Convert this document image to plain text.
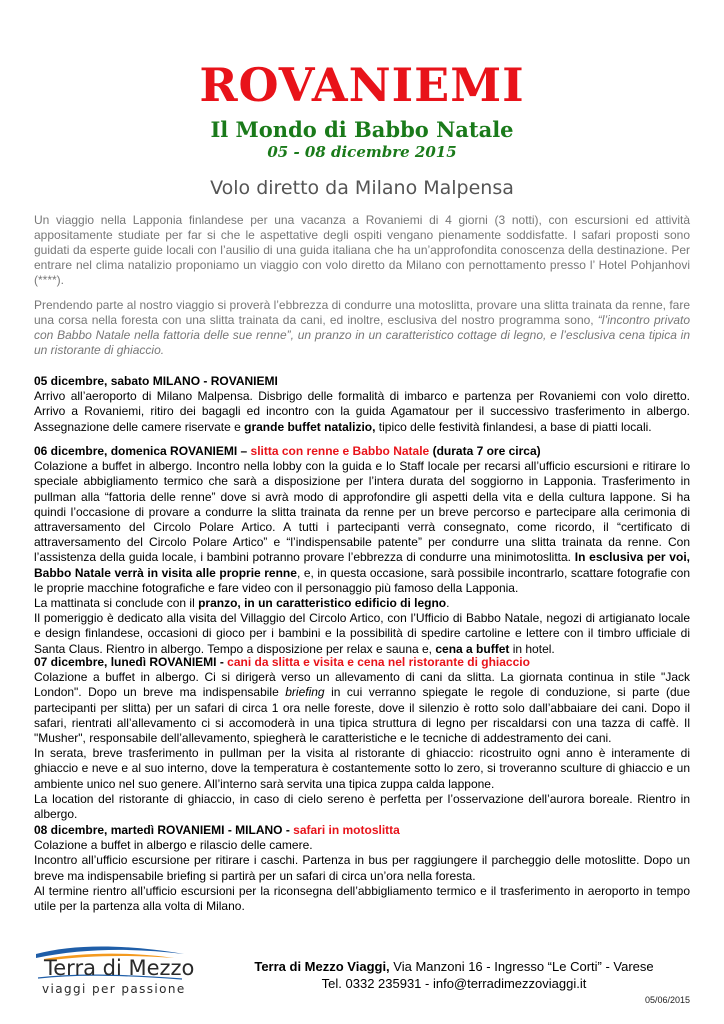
ROVANIEMI
Il Mondo di Babbo Natale
05 - 08 dicembre 2015
Volo diretto da Milano Malpensa

Un viaggio nella Lapponia finlandese per una vacanza a Rovaniemi di 4 giorni (3 notti), con escursioni ed attività appositamente studiate per far si che le aspettative degli ospiti vengano pienamente soddisfatte. I safari proposti sono guidati da esperte guide locali con l’ausilio di una guida italiana che ha un’approfondita conoscenza della destinazione. Per entrare nel clima natalizio proponiamo un viaggio con volo diretto da Milano con pernottamento presso l’ Hotel Pohjanhovi (****).

Prendendo parte al nostro viaggio si proverà l’ebbrezza di condurre una motoslitta, provare una slitta trainata da renne, fare una corsa nella foresta con una slitta trainata da cani, ed inoltre, esclusiva del nostro programma sono, “l’incontro privato con Babbo Natale nella fattoria delle sue renne”, un pranzo in un caratteristico cottage di legno, e l’esclusiva cena tipica in un ristorante di ghiaccio.

05 dicembre, sabato MILANO - ROVANIEMI

Arrivo all’aeroporto di Milano Malpensa. Disbrigo delle formalità di imbarco e partenza per Rovaniemi con volo diretto. Arrivo a Rovaniemi, ritiro dei bagagli ed incontro con la guida Agamatour per il successivo trasferimento in albergo. Assegnazione delle camere riservate e grande buffet natalizio, tipico delle festività finlandesi, a base di piatti locali.

06 dicembre, domenica ROVANIEMI – slitta con renne e Babbo Natale (durata 7 ore circa)

Colazione a buffet in albergo. Incontro nella lobby con la guida e lo Staff locale per recarsi all’ufficio escursioni e ritirare lo speciale abbigliamento termico che sarà a disposizione per l’intera durata del soggiorno in Lapponia. Trasferimento in pullman alla “fattoria delle renne” dove si avrà modo di approfondire gli aspetti della vita e della cultura lappone. Si ha quindi l’occasione di provare a condurre la slitta trainata da renne per un breve percorso e partecipare alla cerimonia di attraversamento del Circolo Polare Artico. A tutti i partecipanti verrà consegnato, come ricordo, il “certificato di attraversamento del Circolo Polare Artico” e “l’indispensabile patente” per condurre una slitta trainata da renne. Con l’assistenza della guida locale, i bambini potranno provare l’ebbrezza di condurre una minimotoslitta. In esclusiva per voi, Babbo Natale verrà in visita alle proprie renne, e, in questa occasione, sarà possibile incontrarlo, scattare fotografie con le proprie macchine fotografiche e fare video con il personaggio più famoso della Lapponia.

La mattinata si conclude con il pranzo, in un caratteristico edificio di legno.

Il pomeriggio è dedicato alla visita del Villaggio del Circolo Artico, con l’Ufficio di Babbo Natale, negozi di artigianato locale e design finlandese, occasioni di gioco per i bambini e la possibilità di spedire cartoline e lettere con il timbro ufficiale di Santa Claus. Rientro in albergo. Tempo a disposizione per relax e sauna e, cena a buffet in hotel.

07 dicembre, lunedì ROVANIEMI - cani da slitta e visita e cena nel ristorante di ghiaccio

Colazione a buffet in albergo. Ci si dirigerà verso un allevamento di cani da slitta. La giornata continua in stile "Jack London". Dopo un breve ma indispensabile briefing in cui verranno spiegate le regole di conduzione, si parte (due partecipanti per slitta) per un safari di circa 1 ora nelle foreste, dove il silenzio è rotto solo dall’abbaiare dei cani. Dopo il safari, rientrati all’allevamento ci si accomoderà in una tipica struttura di legno per riscaldarsi con una tazza di caffè. Il "Musher", responsabile dell’allevamento, spiegherà le caratteristiche e le tecniche di addestramento dei cani.

In serata, breve trasferimento in pullman per la visita al ristorante di ghiaccio: ricostruito ogni anno è interamente di ghiaccio e neve e al suo interno, dove la temperatura è costantemente sotto lo zero, si troveranno sculture di ghiaccio e un ambiente unico nel suo genere. All’interno sarà servita una tipica zuppa calda lappone.

La location del ristorante di ghiaccio, in caso di cielo sereno è perfetta per l’osservazione dell’aurora boreale. Rientro in albergo.

08 dicembre, martedì ROVANIEMI - MILANO - safari in motoslitta

Colazione a buffet in albergo e rilascio delle camere.

Incontro all’ufficio escursione per ritirare i caschi. Partenza in bus per raggiungere il parcheggio delle motoslitte. Dopo un breve ma indispensabile briefing si partirà per un safari di circa un’ora nella foresta.

Al termine rientro all’ufficio escursioni per la riconsegna dell’abbigliamento termico e il trasferimento in aeroporto in tempo utile per la partenza alla volta di Milano.

Terra di Mezzo
viaggi per passione
Terra di Mezzo Viaggi, Via Manzoni 16 - Ingresso “Le Corti” - Varese
Tel. 0332 235931 - info@terradimezzoviaggi.it
05/06/2015
